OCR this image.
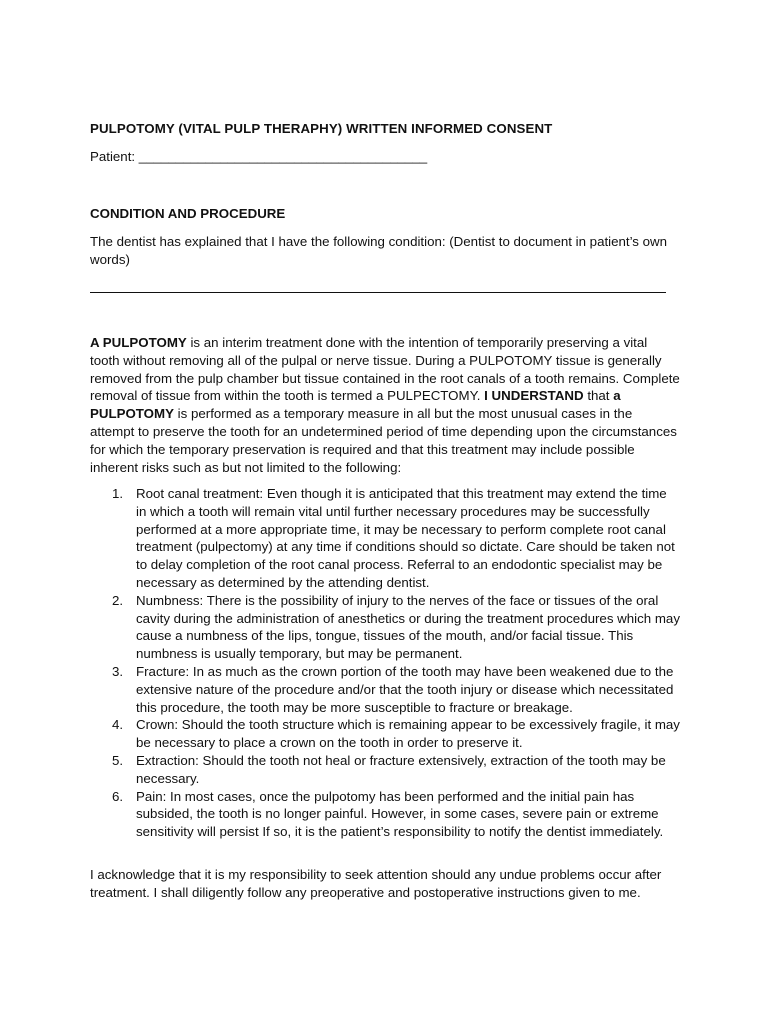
PULPOTOMY (VITAL PULP THERAPHY) WRITTEN INFORMED CONSENT
Patient: _______________________________________
CONDITION AND PROCEDURE

The dentist has explained that I have the following condition: (Dentist to document in patient’s own words)

A PULPOTOMY is an interim treatment done with the intention of temporarily preserving a vital tooth without removing all of the pulpal or nerve tissue. During a PULPOTOMY tissue is generally removed from the pulp chamber but tissue contained in the root canals of a tooth remains. Complete removal of tissue from within the tooth is termed a PULPECTOMY. I UNDERSTAND that a PULPOTOMY is performed as a temporary measure in all but the most unusual cases in the attempt to preserve the tooth for an undetermined period of time depending upon the circumstances for which the temporary preservation is required and that this treatment may include possible inherent risks such as but not limited to the following:

1. Root canal treatment: Even though it is anticipated that this treatment may extend the time in which a tooth will remain vital until further necessary procedures may be successfully performed at a more appropriate time, it may be necessary to perform complete root canal treatment (pulpectomy) at any time if conditions should so dictate. Care should be taken not to delay completion of the root canal process. Referral to an endodontic specialist may be necessary as determined by the attending dentist.
2. Numbness: There is the possibility of injury to the nerves of the face or tissues of the oral cavity during the administration of anesthetics or during the treatment procedures which may cause a numbness of the lips, tongue, tissues of the mouth, and/or facial tissue. This numbness is usually temporary, but may be permanent.
3. Fracture: In as much as the crown portion of the tooth may have been weakened due to the extensive nature of the procedure and/or that the tooth injury or disease which necessitated this procedure, the tooth may be more susceptible to fracture or breakage.
4. Crown: Should the tooth structure which is remaining appear to be excessively fragile, it may be necessary to place a crown on the tooth in order to preserve it.
5. Extraction: Should the tooth not heal or fracture extensively, extraction of the tooth may be necessary.
6. Pain: In most cases, once the pulpotomy has been performed and the initial pain has subsided, the tooth is no longer painful. However, in some cases, severe pain or extreme sensitivity will persist If so, it is the patient’s responsibility to notify the dentist immediately.

I acknowledge that it is my responsibility to seek attention should any undue problems occur after treatment. I shall diligently follow any preoperative and postoperative instructions given to me.
